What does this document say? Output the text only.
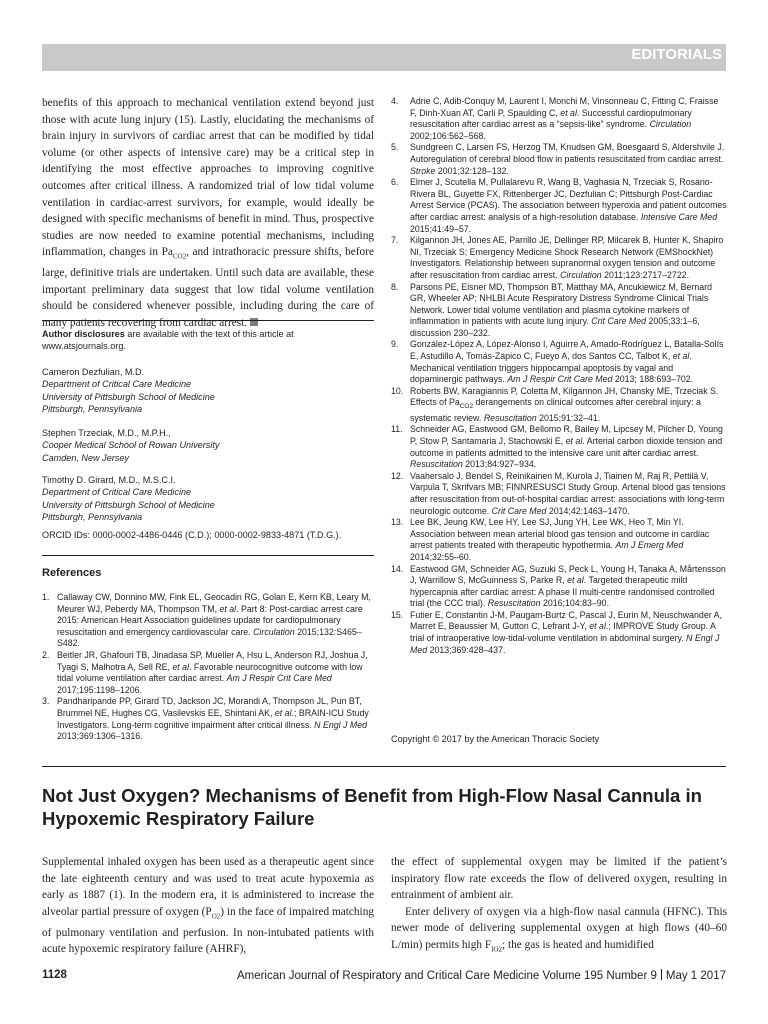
EDITORIALS
benefits of this approach to mechanical ventilation extend beyond just those with acute lung injury (15). Lastly, elucidating the mechanisms of brain injury in survivors of cardiac arrest that can be modified by tidal volume (or other aspects of intensive care) may be a critical step in identifying the most effective approaches to improving cognitive outcomes after critical illness. A randomized trial of low tidal volume ventilation in cardiac-arrest survivors, for example, would ideally be designed with specific mechanisms of benefit in mind. Thus, prospective studies are now needed to examine potential mechanisms, including inflammation, changes in $Pa_{CO2}$, and intrathoracic pressure shifts, before large, definitive trials are undertaken. Until such data are available, these important preliminary data suggest that low tidal volume ventilation should be considered whenever possible, including during the care of many patients recovering from cardiac arrest.
Author disclosures are available with the text of this article at www.atsjournals.org.
Cameron Dezfulian, M.D.
Department of Critical Care Medicine
University of Pittsburgh School of Medicine
Pittsburgh, Pennsylvania
Stephen Trzeciak, M.D., M.P.H.,
Cooper Medical School of Rowan University
Camden, New Jersey
Timothy D. Girard, M.D., M.S.C.I.
Department of Critical Care Medicine
University of Pittsburgh School of Medicine
Pittsburgh, Pennsylvania
ORCID IDs: 0000-0002-4486-0446 (C.D.); 0000-0002-9833-4871 (T.D.G.).
References
1. Callaway CW, Donnino MW, Fink EL, Geocadin RG, Golan E, Kern KB, Leary M, Meurer WJ, Peberdy MA, Thompson TM, et al. Part 8: Post-cardiac arrest care 2015: American Heart Association guidelines update for cardiopulmonary resuscitation and emergency cardiovascular care. Circulation 2015;132:S465–S482.
2. Beitler JR, Ghafouri TB, Jinadasa SP, Mueller A, Hsu L, Anderson RJ, Joshua J, Tyagi S, Malhotra A, Sell RE, et al. Favorable neurocognitive outcome with low tidal volume ventilation after cardiac arrest. Am J Respir Crit Care Med 2017;195:1198–1206.
3. Pandharipande PP, Girard TD, Jackson JC, Morandi A, Thompson JL, Pun BT, Brummel NE, Hughes CG, Vasilevskis EE, Shintani AK, et al.; BRAIN-ICU Study Investigators. Long-term cognitive impairment after critical illness. N Engl J Med 2013;369:1306–1316.
4. Adrie C, Adib-Conquy M, Laurent I, Monchi M, Vinsonneau C, Fitting C, Fraisse F, Dinh-Xuan AT, Carli P, Spaulding C, et al. Successful cardiopulmonary resuscitation after cardiac arrest as a “sepsis-like” syndrome. Circulation 2002;106:562–568.
5. Sundgreen C, Larsen FS, Herzog TM, Knudsen GM, Boesgaard S, Aldershvile J. Autoregulation of cerebral blood flow in patients resuscitated from cardiac arrest. Stroke 2001;32:128–132.
6. Elmer J, Scutella M, Pullalarevu R, Wang B, Vaghasia N, Trzeciak S, Rosario-Rivera BL, Guyette FX, Rittenberger JC, Dezfulian C; Pittsburgh Post-Cardiac Arrest Service (PCAS). The association between hyperoxia and patient outcomes after cardiac arrest: analysis of a high-resolution database. Intensive Care Med 2015;41:49–57.
7. Kilgannon JH, Jones AE, Parrillo JE, Dellinger RP, Milcarek B, Hunter K, Shapiro NI, Trzeciak S; Emergency Medicine Shock Research Network (EMShockNet) Investigators. Relationship between supranormal oxygen tension and outcome after resuscitation from cardiac arrest. Circulation 2011;123:2717–2722.
8. Parsons PE, Eisner MD, Thompson BT, Matthay MA, Ancukiewicz M, Bernard GR, Wheeler AP; NHLBI Acute Respiratory Distress Syndrome Clinical Trials Network. Lower tidal volume ventilation and plasma cytokine markers of inflammation in patients with acute lung injury. Crit Care Med 2005;33:1–6, discussion 230–232.
9. González-López A, López-Alonso I, Aguirre A, Amado-Rodríguez L, Batalla-Solís E, Astudillo A, Tomás-Zapico C, Fueyo A, dos Santos CC, Talbot K, et al. Mechanical ventilation triggers hippocampal apoptosis by vagal and dopaminergic pathways. Am J Respir Crit Care Med 2013; 188:693–702.
10. Roberts BW, Karagiannis P, Coletta M, Kilgannon JH, Chansky ME, Trzeciak S. Effects of $Pa_{CO2}$ derangements on clinical outcomes after cerebral injury: a systematic review. Resuscitation 2015;91:32–41.
11. Schneider AG, Eastwood GM, Bellomo R, Bailey M, Lipcsey M, Pilcher D, Young P, Stow P, Santamaria J, Stachowski E, et al. Arterial carbon dioxide tension and outcome in patients admitted to the intensive care unit after cardiac arrest. Resuscitation 2013;84:927–934.
12. Vaahersalo J, Bendel S, Reinikainen M, Kurola J, Tiainen M, Raj R, Pettilä V, Varpula T, Skrifvars MB; FINNRESUSCI Study Group. Arterial blood gas tensions after resuscitation from out-of-hospital cardiac arrest: associations with long-term neurologic outcome. Crit Care Med 2014;42:1463–1470.
13. Lee BK, Jeung KW, Lee HY, Lee SJ, Jung YH, Lee WK, Heo T, Min YI. Association between mean arterial blood gas tension and outcome in cardiac arrest patients treated with therapeutic hypothermia. Am J Emerg Med 2014;32:55–60.
14. Eastwood GM, Schneider AG, Suzuki S, Peck L, Young H, Tanaka A, Mårtensson J, Warrillow S, McGuinness S, Parke R, et al. Targeted therapeutic mild hypercapnia after cardiac arrest: A phase II multi-centre randomised controlled trial (the CCC trial). Resuscitation 2016;104:83–90.
15. Futier E, Constantin J-M, Paugam-Burtz C, Pascal J, Eurin M, Neuschwander A, Marret E, Beaussier M, Gutton C, Lefrant J-Y, et al.; IMPROVE Study Group. A trial of intraoperative low-tidal-volume ventilation in abdominal surgery. N Engl J Med 2013;369:428–437.
Copyright © 2017 by the American Thoracic Society
Not Just Oxygen? Mechanisms of Benefit from High-Flow Nasal Cannula in Hypoxemic Respiratory Failure
Supplemental inhaled oxygen has been used as a therapeutic agent since the late eighteenth century and was used to treat acute hypoxemia as early as 1887 (1). In the modern era, it is administered to increase the alveolar partial pressure of oxygen $(P_{O2})$ in the face of impaired matching of pulmonary ventilation and perfusion. In non-intubated patients with acute hypoxemic respiratory failure (AHRF),
the effect of supplemental oxygen may be limited if the patient’s inspiratory flow rate exceeds the flow of delivered oxygen, resulting in entrainment of ambient air.
Enter delivery of oxygen via a high-flow nasal cannula (HFNC). This newer mode of delivering supplemental oxygen at high flows (40–60 L/min) permits high $F_{IO2}$; the gas is heated and humidified
1128	American Journal of Respiratory and Critical Care Medicine Volume 195 Number 9 May 1 2017
